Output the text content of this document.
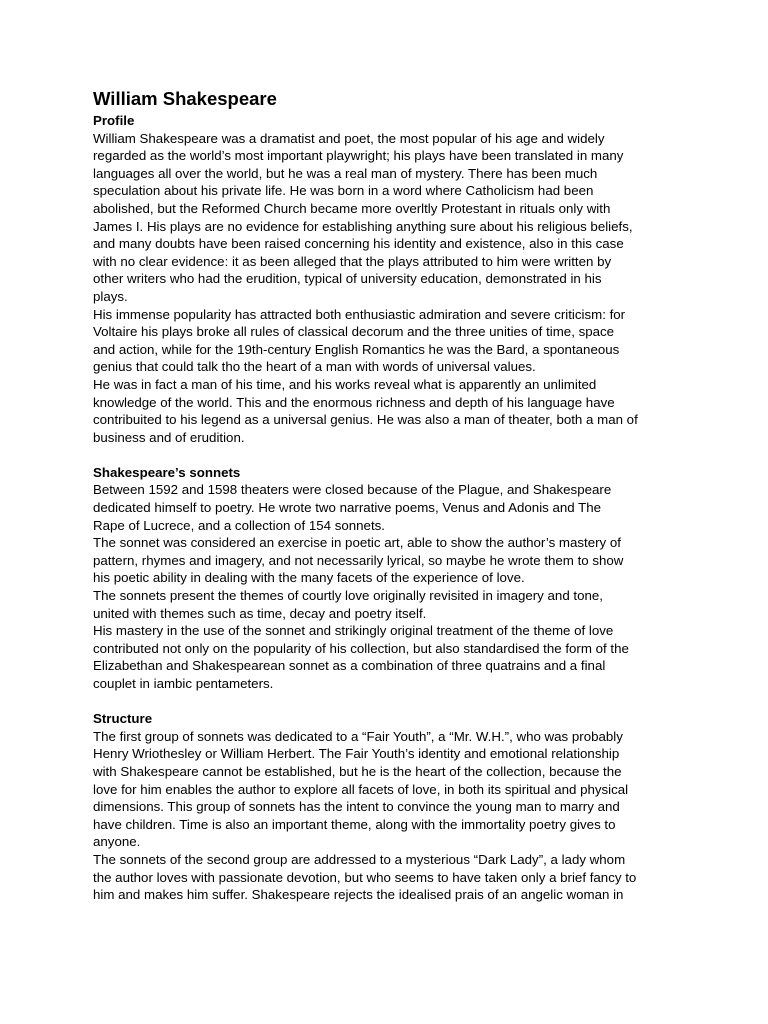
William Shakespeare
Profile
William Shakespeare was a dramatist and poet, the most popular of his age and widely
regarded as the world’s most important playwright; his plays have been translated in many
languages all over the world, but he was a real man of mystery. There has been much
speculation about his private life. He was born in a word where Catholicism had been
abolished, but the Reformed Church became more overltly Protestant in rituals only with
James I. His plays are no evidence for establishing anything sure about his religious beliefs,
and many doubts have been raised concerning his identity and existence, also in this case
with no clear evidence: it as been alleged that the plays attributed to him were written by
other writers who had the erudition, typical of university education, demonstrated in his
plays.
His immense popularity has attracted both enthusiastic admiration and severe criticism: for
Voltaire his plays broke all rules of classical decorum and the three unities of time, space
and action, while for the 19th-century English Romantics he was the Bard, a spontaneous
genius that could talk tho the heart of a man with words of universal values.
He was in fact a man of his time, and his works reveal what is apparently an unlimited
knowledge of the world. This and the enormous richness and depth of his language have
contribuited to his legend as a universal genius. He was also a man of theater, both a man of
business and of erudition.
Shakespeare’s sonnets
Between 1592 and 1598 theaters were closed because of the Plague, and Shakespeare
dedicated himself to poetry. He wrote two narrative poems, Venus and Adonis and The
Rape of Lucrece, and a collection of 154 sonnets.
The sonnet was considered an exercise in poetic art, able to show the author’s mastery of
pattern, rhymes and imagery, and not necessarily lyrical, so maybe he wrote them to show
his poetic ability in dealing with the many facets of the experience of love.
The sonnets present the themes of courtly love originally revisited in imagery and tone,
united with themes such as time, decay and poetry itself.
His mastery in the use of the sonnet and strikingly original treatment of the theme of love
contributed not only on the popularity of his collection, but also standardised the form of the
Elizabethan and Shakespearean sonnet as a combination of three quatrains and a final
couplet in iambic pentameters.
Structure
The first group of sonnets was dedicated to a “Fair Youth”, a “Mr. W.H.”, who was probably
Henry Wriothesley or William Herbert. The Fair Youth’s identity and emotional relationship
with Shakespeare cannot be established, but he is the heart of the collection, because the
love for him enables the author to explore all facets of love, in both its spiritual and physical
dimensions. This group of sonnets has the intent to convince the young man to marry and
have children. Time is also an important theme, along with the immortality poetry gives to
anyone.
The sonnets of the second group are addressed to a mysterious “Dark Lady”, a lady whom
the author loves with passionate devotion, but who seems to have taken only a brief fancy to
him and makes him suffer. Shakespeare rejects the idealised prais of an angelic woman in
